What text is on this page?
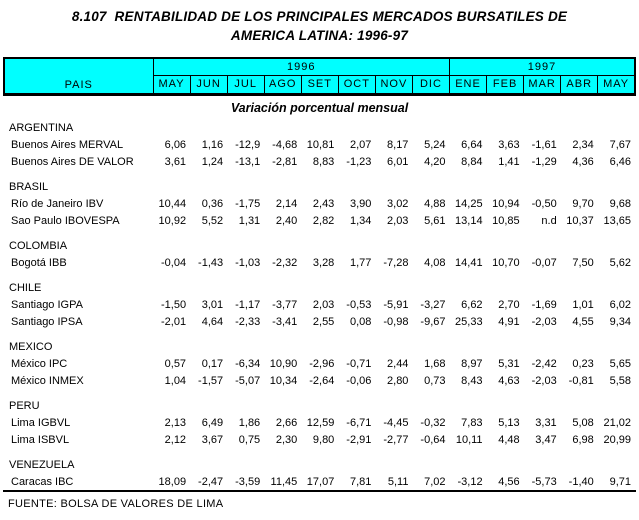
8.107  RENTABILIDAD DE LOS PRINCIPALES MERCADOS BURSATILES DE
AMERICA LATINA: 1996-97
PAIS	1996								1997				
	MAY	JUN	JUL	AGO	SET	OCT	NOV	DIC	ENE	FEB	MAR	ABR	MAY
Variación porcentual mensual													
ARGENTINA													
Buenos Aires MERVAL	6,06	1,16	-12,9	-4,68	10,81	2,07	8,17	5,24	6,64	3,63	-1,61	2,34	7,67
Buenos Aires DE VALOR	3,61	1,24	-13,1	-2,81	8,83	-1,23	6,01	4,20	8,84	1,41	-1,29	4,36	6,46

BRASIL													
Río de Janeiro IBV	10,44	0,36	-1,75	2,14	2,43	3,90	3,02	4,88	14,25	10,94	-0,50	9,70	9,68
Sao Paulo IBOVESPA	10,92	5,52	1,31	2,40	2,82	1,34	2,03	5,61	13,14	10,85	n.d	10,37	13,65

COLOMBIA													
Bogotá IBB	-0,04	-1,43	-1,03	-2,32	3,28	1,77	-7,28	4,08	14,41	10,70	-0,07	7,50	5,62

CHILE													
Santiago IGPA	-1,50	3,01	-1,17	-3,77	2,03	-0,53	-5,91	-3,27	6,62	2,70	-1,69	1,01	6,02
Santiago IPSA	-2,01	4,64	-2,33	-3,41	2,55	0,08	-0,98	-9,67	25,33	4,91	-2,03	4,55	9,34

MEXICO													
México IPC	0,57	0,17	-6,34	10,90	-2,96	-0,71	2,44	1,68	8,97	5,31	-2,42	0,23	5,65
México INMEX	1,04	-1,57	-5,07	10,34	-2,64	-0,06	2,80	0,73	8,43	4,63	-2,03	-0,81	5,58

PERU													
Lima IGBVL	2,13	6,49	1,86	2,66	12,59	-6,71	-4,45	-0,32	7,83	5,13	3,31	5,08	21,02
Lima ISBVL	2,12	3,67	0,75	2,30	9,80	-2,91	-2,77	-0,64	10,11	4,48	3,47	6,98	20,99

VENEZUELA													
Caracas IBC	18,09	-2,47	-3,59	11,45	17,07	7,81	5,11	7,02	-3,12	4,56	-5,73	-1,40	9,71
FUENTE: BOLSA DE VALORES DE LIMA
